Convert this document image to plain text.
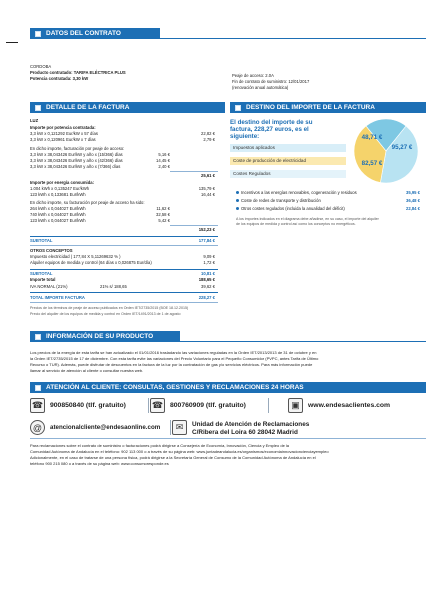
DATOS DEL CONTRATO
CORDOBA
Producto contratado: TARIFA ELÉCTRICA PLUS
Potencia contratada: 3,30 kW
Peaje de acceso: 2.0A
Fin de contrato de suministro: 12/01/2017
(renovación anual automática)
DETALLE DE LA FACTURA
LUZ
Importe por potencia contratada:
3,3 kW x 0,121292 Eur/kW x 57 días	22,82 €
3,3 kW x 0,120961 Eur/kW x 7 días	2,79 €
En dicho importe, facturación por peaje de acceso:
3,3 kW x 38,043426 Eur/kW y año x (15/366) días	5,16 €
3,3 kW x 38,043426 Eur/kW y año x (42/366) días	14,45 €
3,3 kW x 38,043426 Eur/kW y año x (7/366) días	2,40 €
25,61 €
Importe por energía consumida:
1.004 kWh x 0,135247 Eur/kWh	135,79 €
123 kWh x 0,133681 Eur/kWh	16,44 €
En dicho importe, su facturación por peaje de acceso ha sido:
264 kWh x 0,044027 Eur/kWh	11,62 €
740 kWh x 0,044027 Eur/kWh	32,58 €
123 kWh x 0,044027 Eur/kWh	5,42 €
152,23 €
SUBTOTAL	177,84 €
OTROS CONCEPTOS
Impuesto electricidad ( 177,84 X 5,11269632 % )	9,09 €
Alquiler equipos de medida y control (64 días x 0,026875 Eur/día)	1,72 €
SUBTOTAL	10,81 €
Importe total	188,65 €
IVA NORMAL (21%)	21% s/ 188,65	39,62 €
TOTAL IMPORTE FACTURA	228,27 €
Precios de los términos de peaje de acceso publicados en Orden IET/2735/2015 (BOE 18.12.2015)
Precio del alquiler de los equipos de medida y control en Orden IET/1491/2013 de 1 de agosto
DESTINO DEL IMPORTE DE LA FACTURA
El destino del importe de su
factura, 228,27 euros, es el
siguiente:
Impuestos aplicados
Coste de producción de electricidad
Costes Regulados
48,71 €
95,27 €
82,57 €
Incentivos a las energías renovables, cogeneración y residuos	35,95 €
Coste de redes de transporte y distribución	36,48 €
Otros costes regulados (incluida la anualidad del déficit)	22,84 €
A los importes indicados en el diagrama debe añadirse, en su caso, el importe del alquiler
de los equipos de medida y control así como los conceptos no energéticos.
INFORMACIÓN DE SU PRODUCTO
Los precios de la energía de esta tarifa se han actualizado el 01/01/2016 trasladando las variaciones reguladas en la Orden IET/2013/2013 de 31 de octubre y en
la Orden IET/2735/2015 de 17 de diciembre. Con esta tarifa evite las variaciones del Precio Voluntario para el Pequeño Consumidor (PVPC, antes Tarifa de Último
Recurso o TUR). Además, puede disfrutar de descuentos en la factura de la luz por la contratación de gas y/o servicios eléctricos. Para más información puede
llamar al servicio de atención al cliente o consultar nuestra web.
ATENCIÓN AL CLIENTE: CONSULTAS, GESTIONES Y RECLAMACIONES 24 HORAS
☎ 900850840 (tlf. gratuito)	☎ 800760909 (tlf. gratuito)	▣	www.endesaclientes.com
@	atencionalcliente@endesaonline.com	✉	Unidad de Atención de Reclamaciones
C/Ribera del Loira 60 28042 Madrid
Para reclamaciones sobre el contrato de suministro o facturaciones podrá dirigirse a Consejería de Economía, Innovación, Ciencia y Empleo de la
Comunidad Autónoma de Andalucía en el teléfono: 902 113 000 o a través de su página web: www.juntadeandalucia.es/organismos/economiainnovacioncienciayempleo
Adicionalmente, en el caso de tratarse de una persona física, podrá dirigirse a la Secretaría General de Consumo de la Comunidad Autónoma de Andalucía en el
teléfono 900 215 080 o a través de su página web: www.consumoresponde.es
